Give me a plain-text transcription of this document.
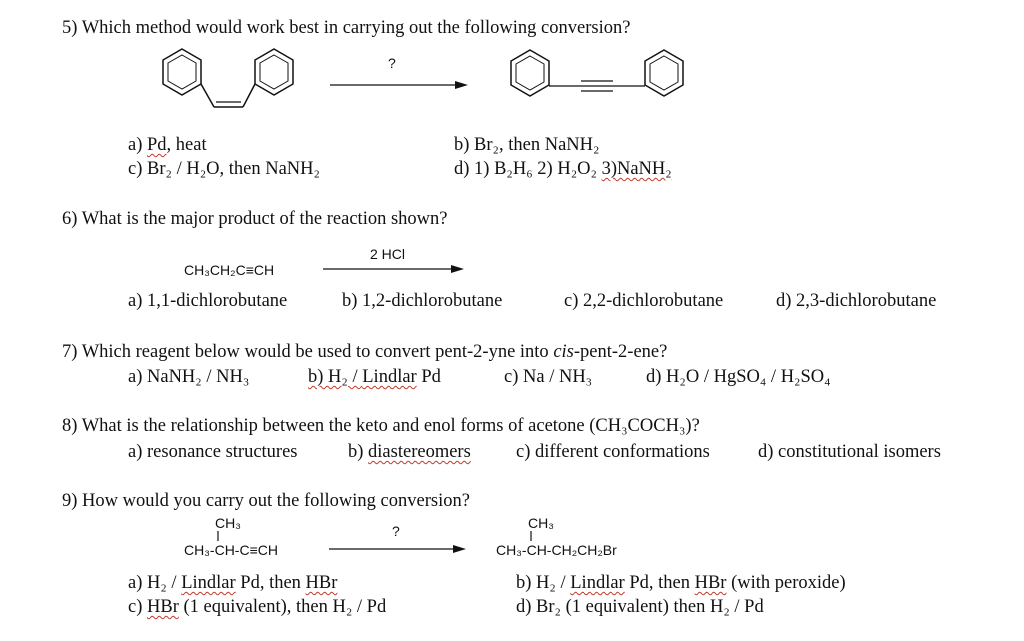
5) Which method would work best in carrying out the following conversion?
?
a) Pd, heat	b) Br₂, then NaNH₂
c) Br₂ / H₂O, then NaNH₂	d) 1) B₂H₆ 2) H₂O₂ 3)NaNH₂
6) What is the major product of the reaction shown?
2 HCl
CH₃CH₂C≡CH
a) 1,1-dichlorobutane	b) 1,2-dichlorobutane	c) 2,2-dichlorobutane	d) 2,3-dichlorobutane
7) Which reagent below would be used to convert pent-2-yne into cis-pent-2-ene?
a) NaNH₂ / NH₃	b) H₂ / Lindlar Pd	c) Na / NH₃	d) H₂O / HgSO₄ / H₂SO₄
8) What is the relationship between the keto and enol forms of acetone (CH₃COCH₃)?
a) resonance structures	b) diastereomers c) different conformations	d) constitutional isomers
9) How would you carry out the following conversion?
CH₃
CH₃-CH-C≡CH
?	CH₃
CH₃-CH-CH₂CH₂Br
a) H₂ / Lindlar Pd, then HBr	b) H₂ / Lindlar Pd, then HBr (with peroxide)
c) HBr (1 equivalent), then H₂ / Pd	d) Br₂ (1 equivalent) then H₂ / Pd
